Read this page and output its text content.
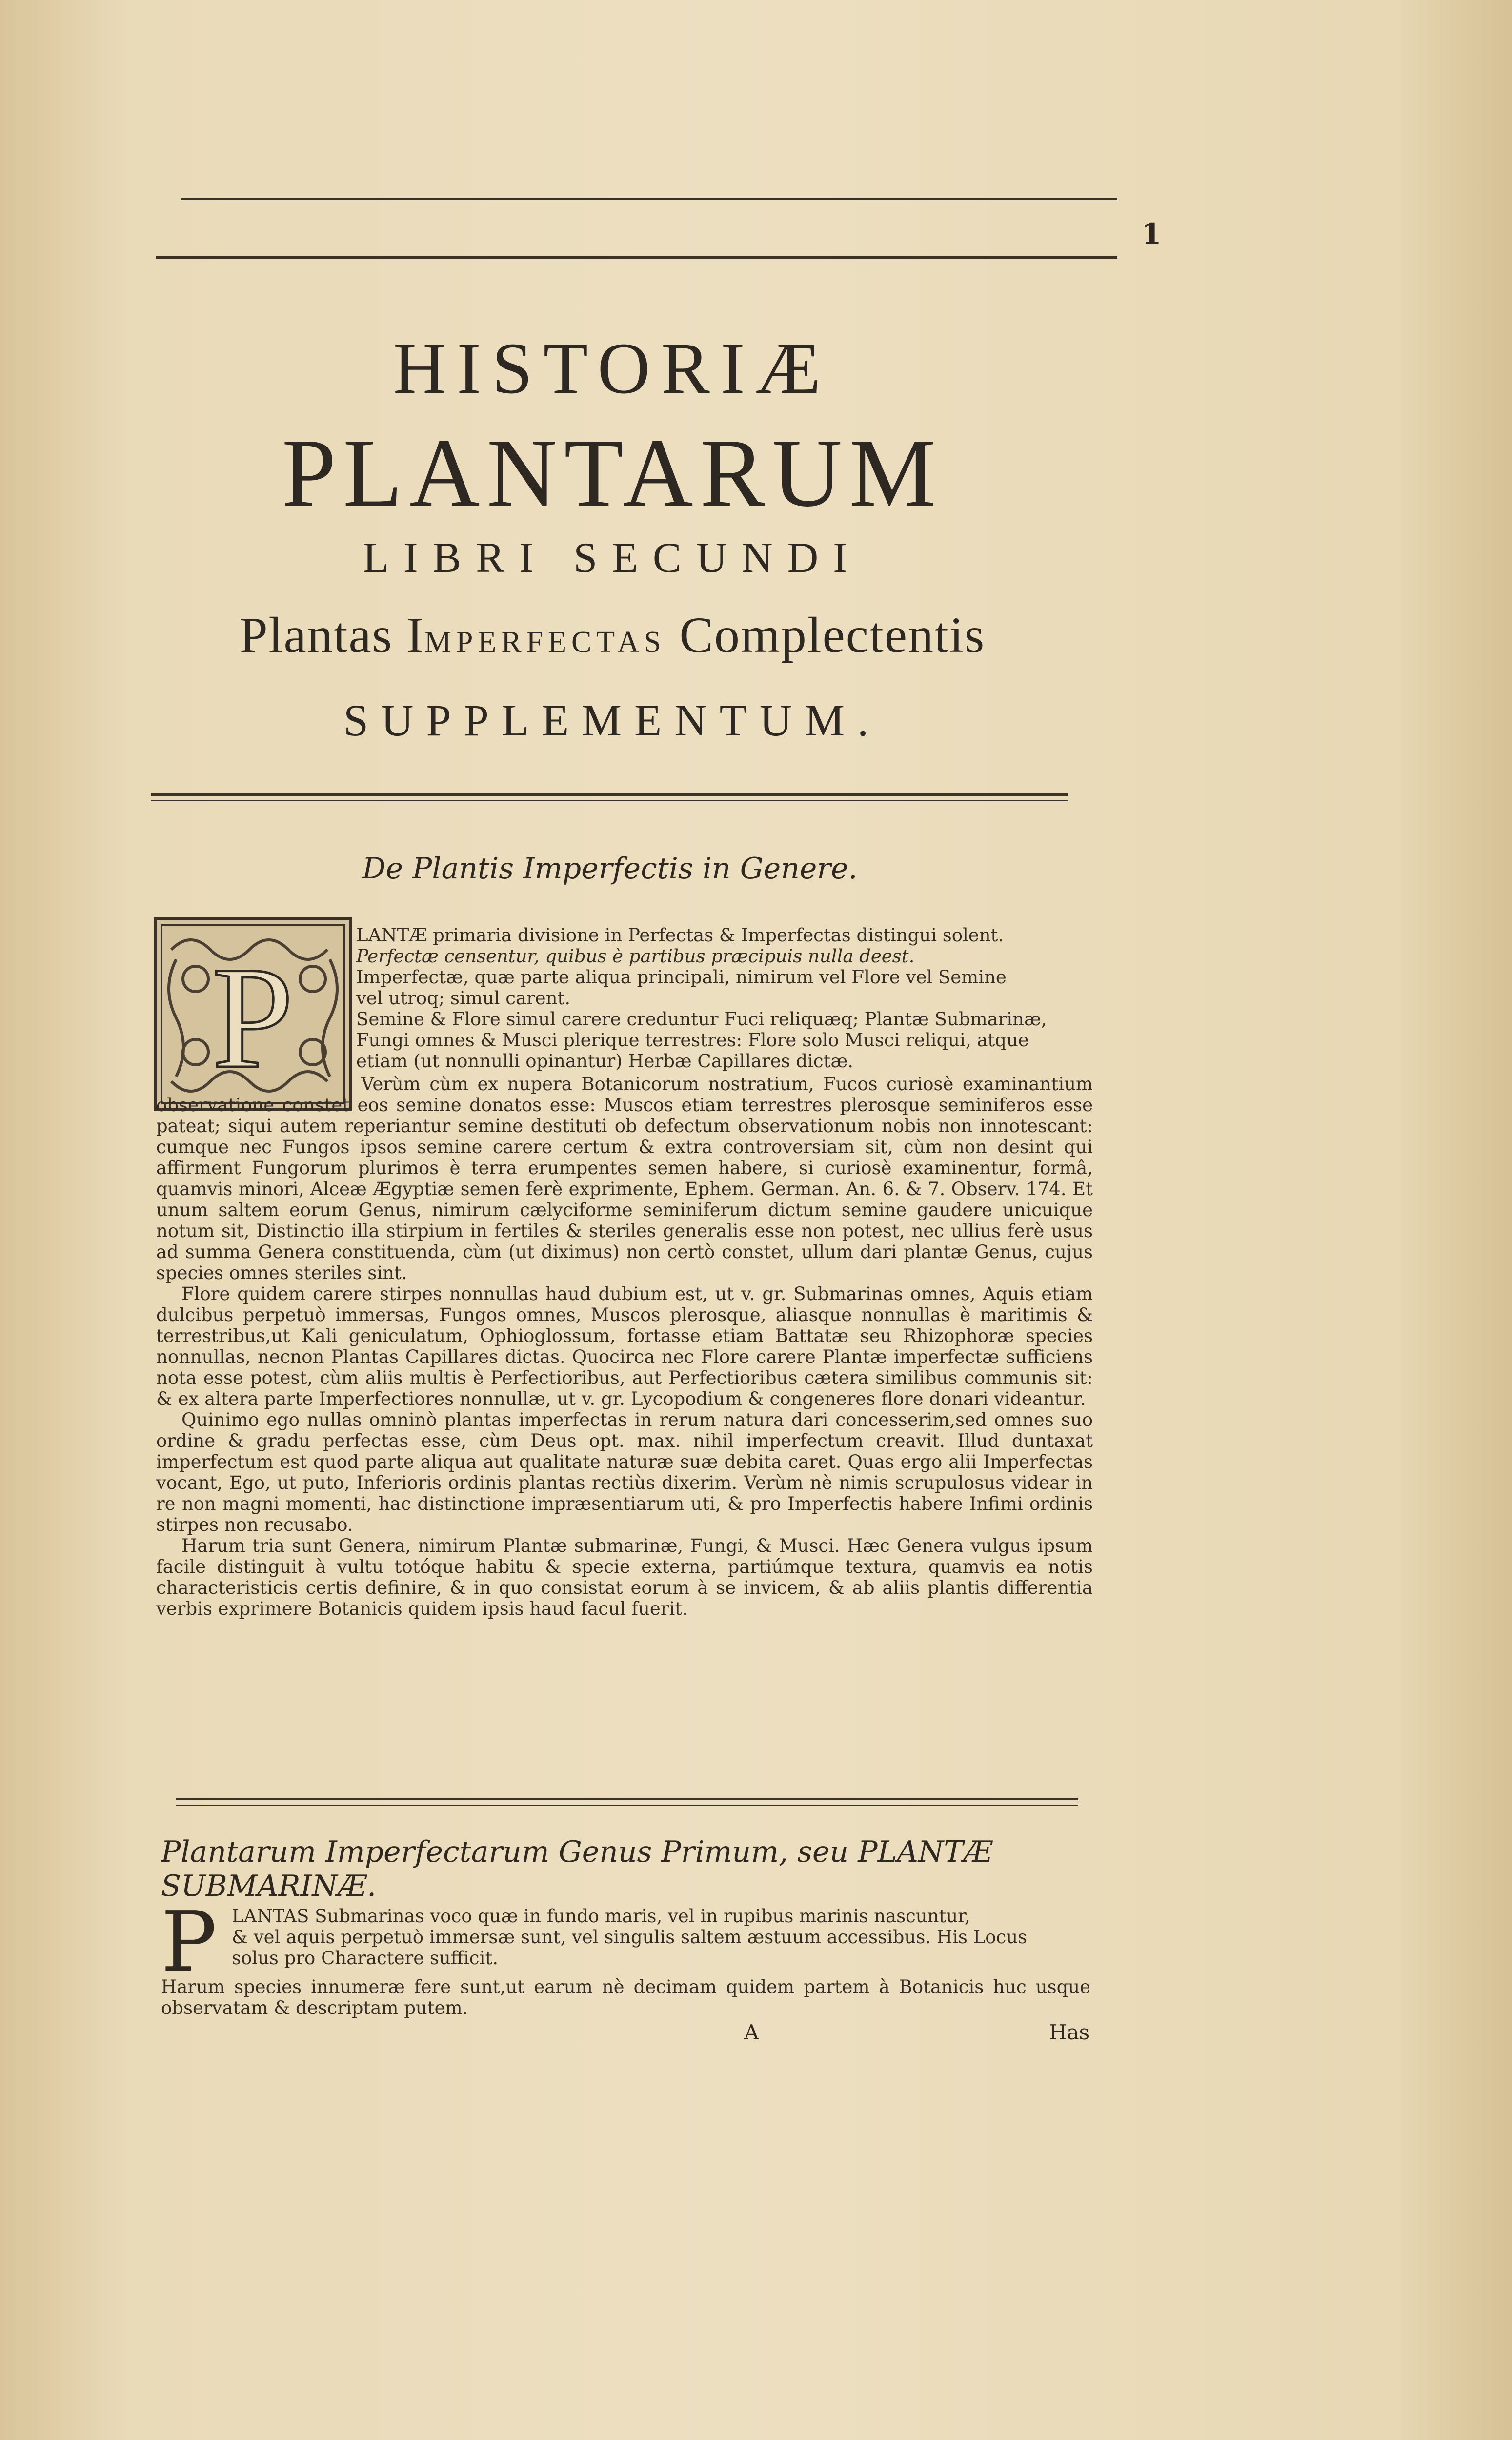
1
HISTORIÆ
PLANTARUM
LIBRI SECUNDI
Plantas IMPERFECTAS Complectentis
SUPPLEMENTUM.
De Plantis Imperfectis in Genere.
P
LANTÆ primaria divisione in Perfectas & Imperfectas distingui solent.
Perfectæ censentur, quibus è partibus præcipuis nulla deest.
Imperfectæ, quæ parte aliqua principali, nimirum vel Flore vel Semine
vel utroq; simul carent.
Semine & Flore simul carere creduntur Fuci reliquæq; Plantæ Submarinæ,
Fungi omnes & Musci plerique terrestres: Flore solo Musci reliqui, atque
etiam (ut nonnulli opinantur) Herbæ Capillares dictæ.

Verùm cùm ex nupera Botanicorum nostratium, Fucos curiosè examinantium observatione constet eos semine donatos esse: Muscos etiam terrestres plerosque seminiferos esse pateat; siqui autem reperiantur semine destituti ob defectum observationum nobis non innotescant: cumque nec Fungos ipsos semine carere certum & extra controversiam sit, cùm non desint qui affirment Fungorum plurimos è terra erumpentes semen habere, si curiosè examinentur, formâ, quamvis minori, Alceæ Ægyptiæ semen ferè exprimente, Ephem. German. An. 6. & 7. Observ. 174. Et unum saltem eorum Genus, nimirum cælyciforme seminiferum dictum semine gaudere unicuique notum sit, Distinctio illa stirpium in fertiles & steriles generalis esse non potest, nec ullius ferè usus ad summa Genera constituenda, cùm (ut diximus) non certò constet, ullum dari plantæ Genus, cujus species omnes steriles sint.

Flore quidem carere stirpes nonnullas haud dubium est, ut v. gr. Submarinas omnes, Aquis etiam dulcibus perpetuò immersas, Fungos omnes, Muscos plerosque, aliasque nonnullas è maritimis & terrestribus,ut Kali geniculatum, Ophioglossum, fortasse etiam Battatæ seu Rhizophoræ species nonnullas, necnon Plantas Capillares dictas. Quocirca nec Flore carere Plantæ imperfectæ sufficiens nota esse potest, cùm aliis multis è Perfectioribus, aut Perfectioribus cætera similibus communis sit: & ex altera parte Imperfectiores nonnullæ, ut v. gr. Lycopodium & congeneres flore donari videantur.

Quinimo ego nullas omninò plantas imperfectas in rerum natura dari concesserim,sed omnes suo ordine & gradu perfectas esse, cùm Deus opt. max. nihil imperfectum creavit. Illud duntaxat imperfectum est quod parte aliqua aut qualitate naturæ suæ debita caret. Quas ergo alii Imperfectas vocant, Ego, ut puto, Inferioris ordinis plantas rectiùs dixerim. Verùm nè nimis scrupulosus videar in re non magni momenti, hac distinctione impræsentiarum uti, & pro Imperfectis habere Infimi ordinis stirpes non recusabo.

Harum tria sunt Genera, nimirum Plantæ submarinæ, Fungi, & Musci. Hæc Genera vulgus ipsum facile distinguit à vultu totóque habitu & specie externa, partiúmque textura, quamvis ea notis characteristicis certis definire, & in quo consistat eorum à se invicem, & ab aliis plantis differentia verbis exprimere Botanicis quidem ipsis haud facul fuerit.

Plantarum Imperfectarum Genus Primum, seu PLANTÆ SUBMARINÆ.
P LANTAS Submarinas voco quæ in fundo maris, vel in rupibus marinis nascuntur,
& vel aquis perpetuò immersæ sunt, vel singulis saltem æstuum accessibus. His Locus
solus pro Charactere sufficit.
Harum species innumeræ fere sunt,ut earum nè decimam quidem partem à Botanicis huc usque observatam & descriptam putem.
A	Has
